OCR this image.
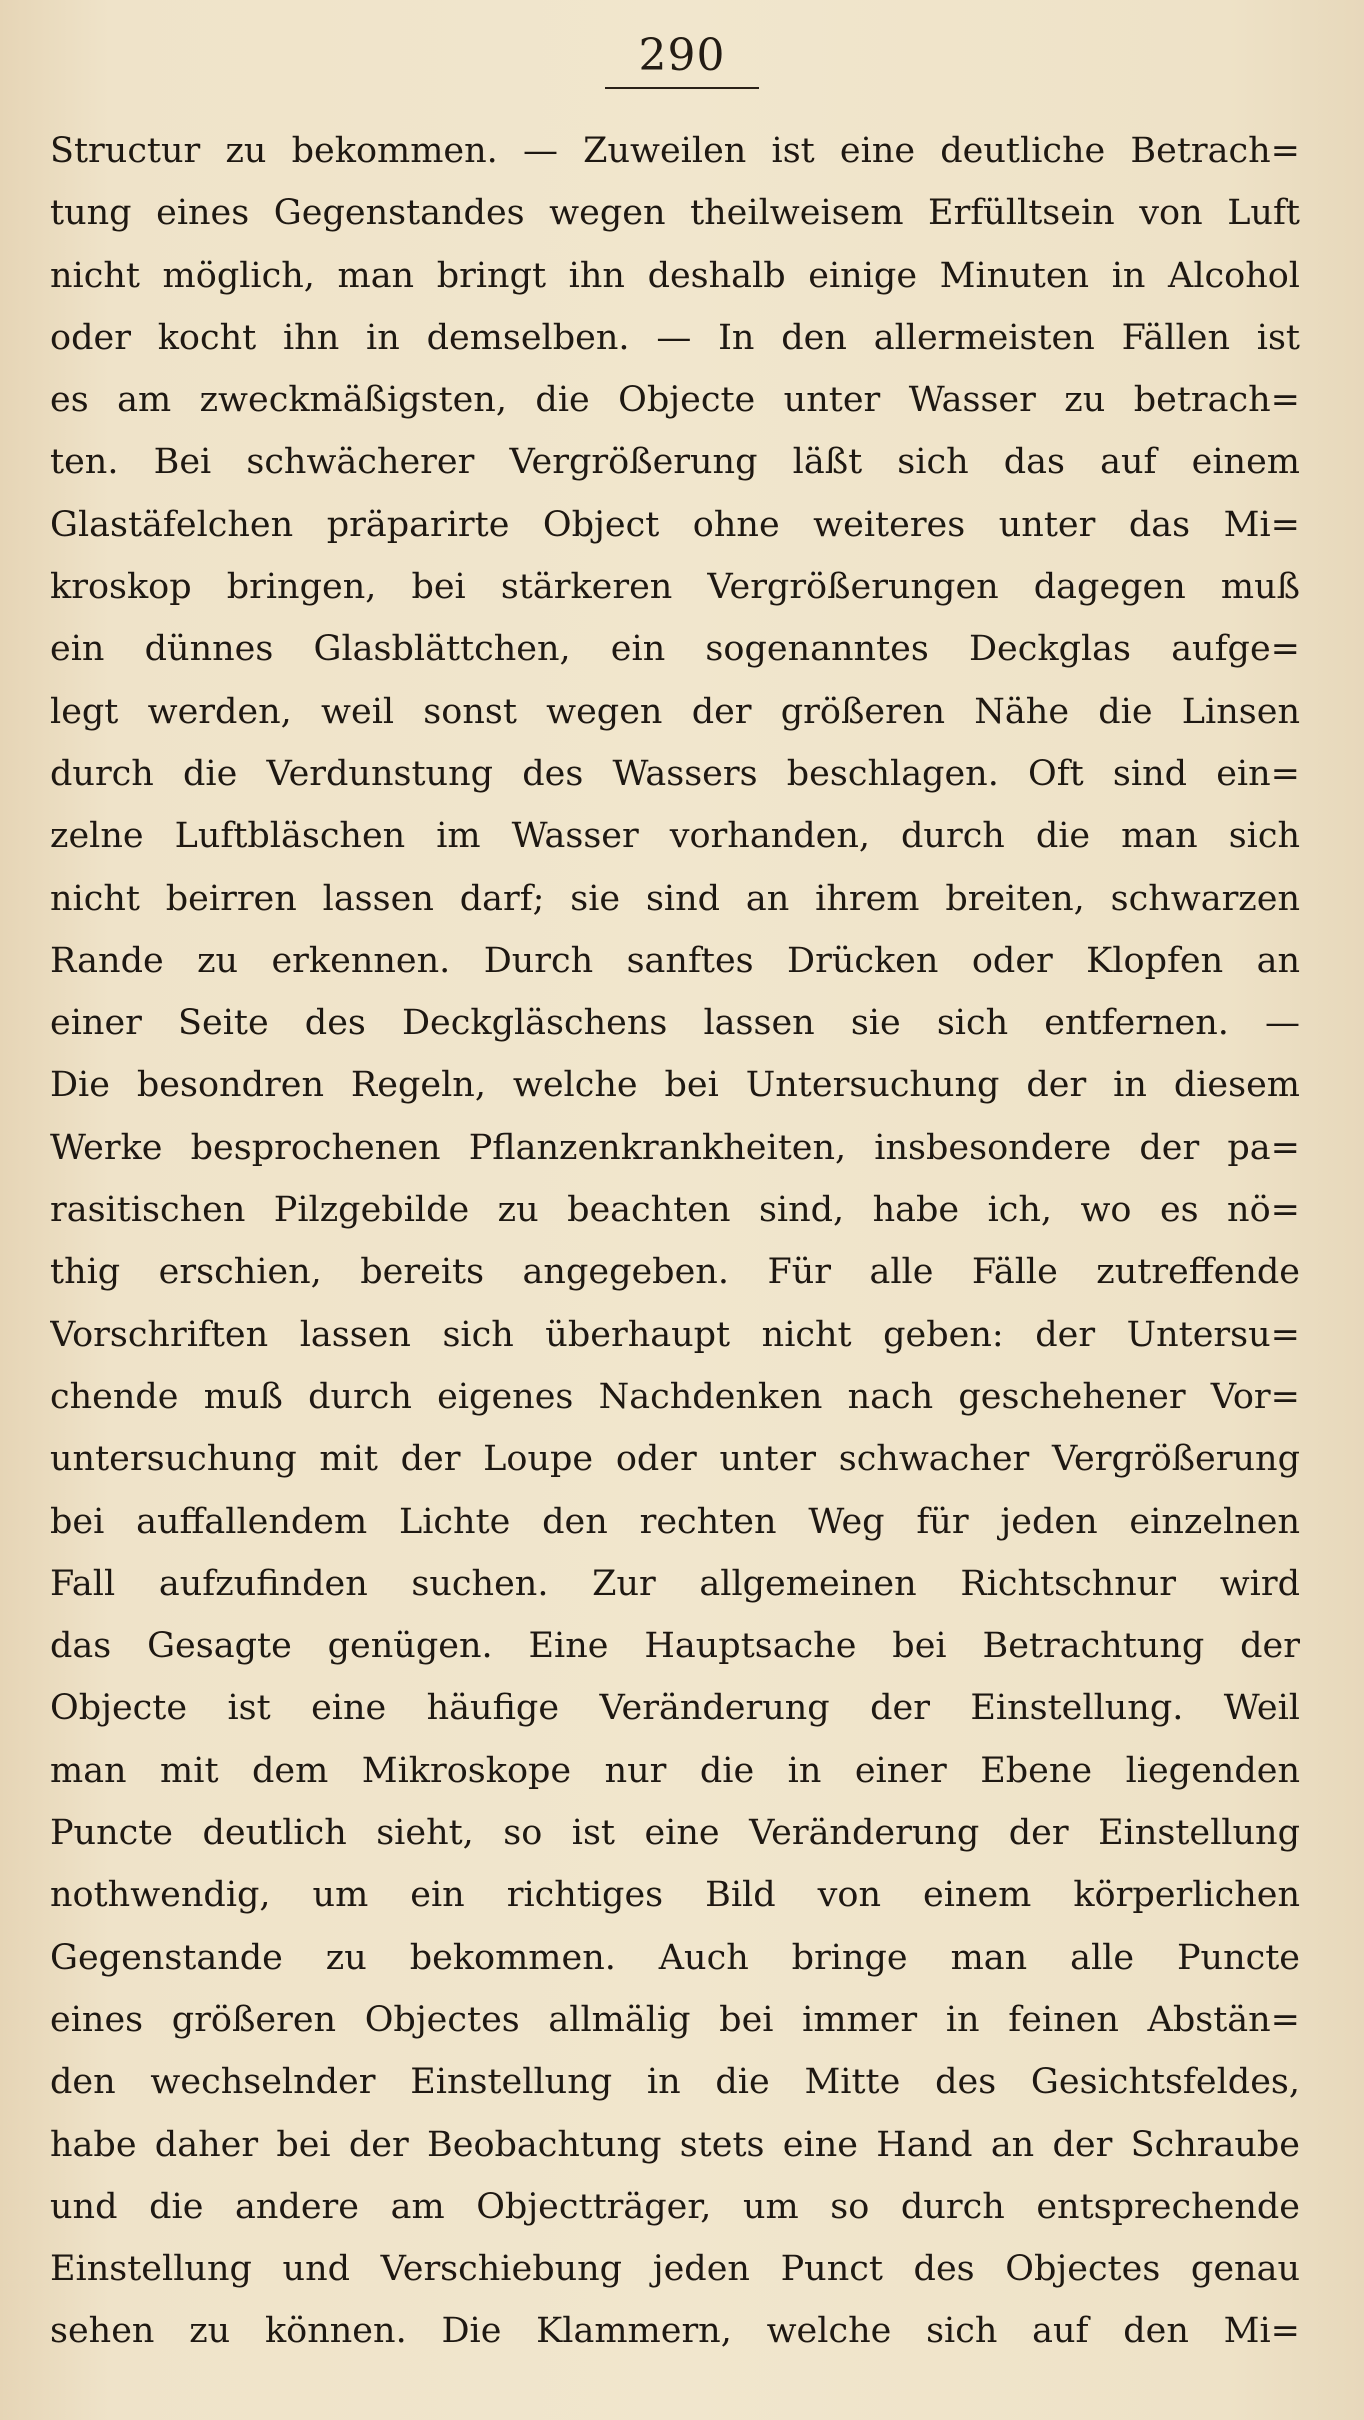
290
Structur zu bekommen. — Zuweilen ist eine deutliche Betrach=
tung eines Gegenstandes wegen theilweisem Erfülltsein von Luft
nicht möglich, man bringt ihn deshalb einige Minuten in Alcohol
oder kocht ihn in demselben. — In den allermeisten Fällen ist
es am zweckmäßigsten, die Objecte unter Wasser zu betrach=
ten. Bei schwächerer Vergrößerung läßt sich das auf einem
Glastäfelchen präparirte Object ohne weiteres unter das Mi=
kroskop bringen, bei stärkeren Vergrößerungen dagegen muß
ein dünnes Glasblättchen, ein sogenanntes Deckglas aufge=
legt werden, weil sonst wegen der größeren Nähe die Linsen
durch die Verdunstung des Wassers beschlagen. Oft sind ein=
zelne Luftbläschen im Wasser vorhanden, durch die man sich
nicht beirren lassen darf; sie sind an ihrem breiten, schwarzen
Rande zu erkennen. Durch sanftes Drücken oder Klopfen an
einer Seite des Deckgläschens lassen sie sich entfernen. —
Die besondren Regeln, welche bei Untersuchung der in diesem
Werke besprochenen Pflanzenkrankheiten, insbesondere der pa=
rasitischen Pilzgebilde zu beachten sind, habe ich, wo es nö=
thig erschien, bereits angegeben. Für alle Fälle zutreffende
Vorschriften lassen sich überhaupt nicht geben: der Untersu=
chende muß durch eigenes Nachdenken nach geschehener Vor=
untersuchung mit der Loupe oder unter schwacher Vergrößerung
bei auffallendem Lichte den rechten Weg für jeden einzelnen
Fall aufzufinden suchen. Zur allgemeinen Richtschnur wird
das Gesagte genügen. Eine Hauptsache bei Betrachtung der
Objecte ist eine häufige Veränderung der Einstellung. Weil
man mit dem Mikroskope nur die in einer Ebene liegenden
Puncte deutlich sieht, so ist eine Veränderung der Einstellung
nothwendig, um ein richtiges Bild von einem körperlichen
Gegenstande zu bekommen. Auch bringe man alle Puncte
eines größeren Objectes allmälig bei immer in feinen Abstän=
den wechselnder Einstellung in die Mitte des Gesichtsfeldes,
habe daher bei der Beobachtung stets eine Hand an der Schraube
und die andere am Objectträger, um so durch entsprechende
Einstellung und Verschiebung jeden Punct des Objectes genau
sehen zu können. Die Klammern, welche sich auf den Mi=
